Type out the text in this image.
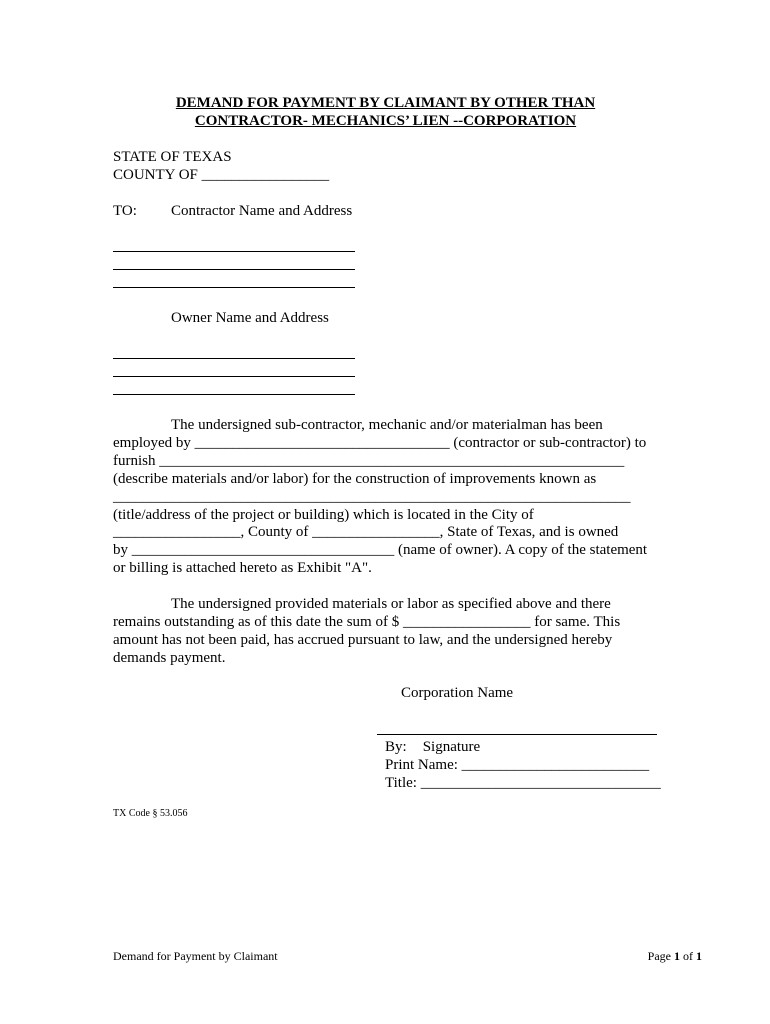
DEMAND FOR PAYMENT BY CLAIMANT BY OTHER THAN
CONTRACTOR- MECHANICS’ LIEN --CORPORATION
STATE OF TEXAS
COUNTY OF _________________
TO: Contractor Name and Address
Owner Name and Address
The undersigned sub-contractor, mechanic and/or materialman has been
employed by __________________________________ (contractor or sub-contractor) to
furnish ______________________________________________________________
(describe materials and/or labor) for the construction of improvements known as
_____________________________________________________________________
(title/address of the project or building) which is located in the City of
_________________, County of _________________, State of Texas, and is owned
by ___________________________________ (name of owner). A copy of the statement
or billing is attached hereto as Exhibit "A".
The undersigned provided materials or labor as specified above and there
remains outstanding as of this date the sum of $ _________________ for same. This
amount has not been paid, has accrued pursuant to law, and the undersigned hereby
demands payment.
Corporation Name
By: Signature
Print Name: _________________________
Title: ________________________________
TX Code § 53.056
Demand for Payment by Claimant	Page 1 of 1
